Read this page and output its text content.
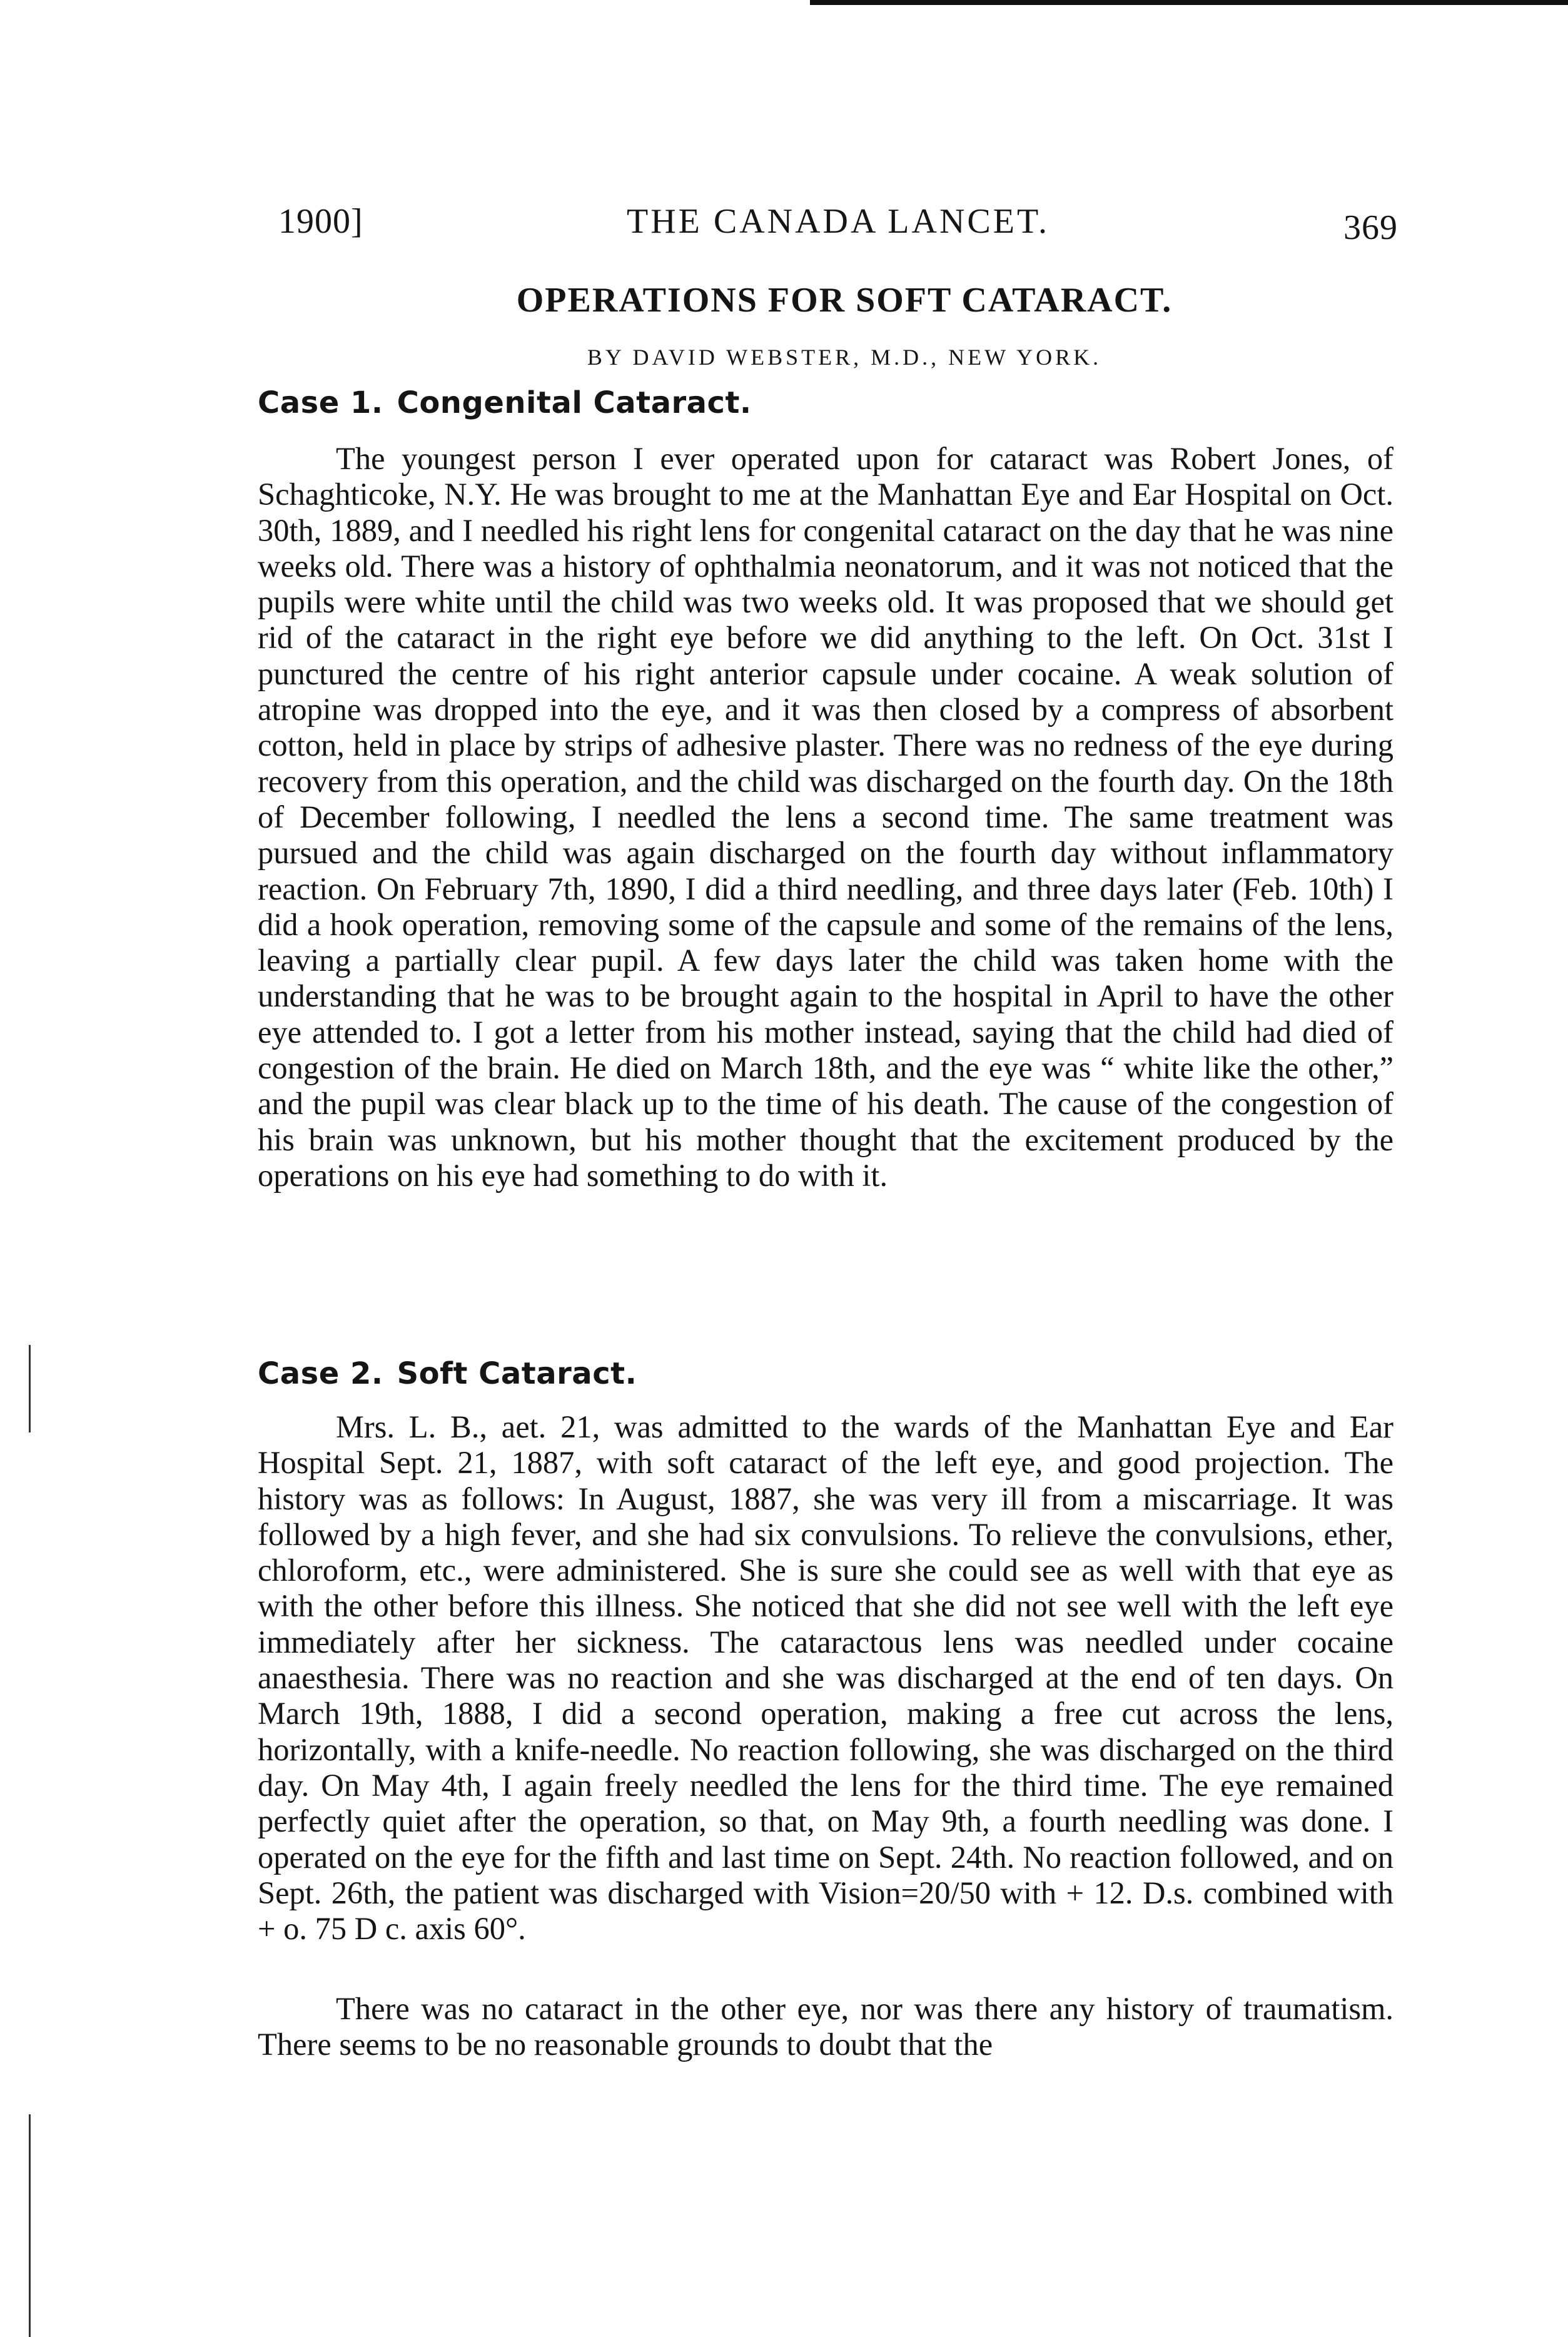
1900]	THE CANADA LANCET.	369
OPERATIONS FOR SOFT CATARACT.
BY DAVID WEBSTER, M.D., NEW YORK.
Case 1. Congenital Cataract.

The youngest person I ever operated upon for cataract was Robert Jones, of Schaghticoke, N.Y. He was brought to me at the Manhattan Eye and Ear Hospital on Oct. 30th, 1889, and I needled his right lens for congenital cataract on the day that he was nine weeks old. There was a history of ophthalmia neonatorum, and it was not noticed that the pupils were white until the child was two weeks old. It was proposed that we should get rid of the cataract in the right eye before we did anything to the left. On Oct. 31st I punctured the centre of his right anterior capsule under cocaine. A weak solution of atropine was dropped into the eye, and it was then closed by a compress of absorbent cotton, held in place by strips of adhesive plaster. There was no redness of the eye during recovery from this operation, and the child was discharged on the fourth day. On the 18th of December following, I needled the lens a second time. The same treatment was pursued and the child was again discharged on the fourth day without inflammatory reaction. On February 7th, 1890, I did a third needling, and three days later (Feb. 10th) I did a hook operation, removing some of the capsule and some of the remains of the lens, leaving a partially clear pupil. A few days later the child was taken home with the understanding that he was to be brought again to the hospital in April to have the other eye attended to. I got a letter from his mother instead, saying that the child had died of congestion of the brain. He died on March 18th, and the eye was “ white like the other,” and the pupil was clear black up to the time of his death. The cause of the congestion of his brain was unknown, but his mother thought that the excitement produced by the operations on his eye had something to do with it.

Case 2. Soft Cataract.

Mrs. L. B., aet. 21, was admitted to the wards of the Manhattan Eye and Ear Hospital Sept. 21, 1887, with soft cataract of the left eye, and good projection. The history was as follows: In August, 1887, she was very ill from a miscarriage. It was followed by a high fever, and she had six convulsions. To relieve the convulsions, ether, chloroform, etc., were administered. She is sure she could see as well with that eye as with the other before this illness. She noticed that she did not see well with the left eye immediately after her sickness. The cataractous lens was needled under cocaine anaesthesia. There was no reaction and she was discharged at the end of ten days. On March 19th, 1888, I did a second operation, making a free cut across the lens, horizontally, with a knife-needle. No reaction following, she was discharged on the third day. On May 4th, I again freely needled the lens for the third time. The eye remained perfectly quiet after the operation, so that, on May 9th, a fourth needling was done. I operated on the eye for the fifth and last time on Sept. 24th. No reaction followed, and on Sept. 26th, the patient was discharged with Vision=20/50 with + 12. D.s. combined with + o. 75 D c. axis 60°.

There was no cataract in the other eye, nor was there any history of traumatism. There seems to be no reasonable grounds to doubt that the
